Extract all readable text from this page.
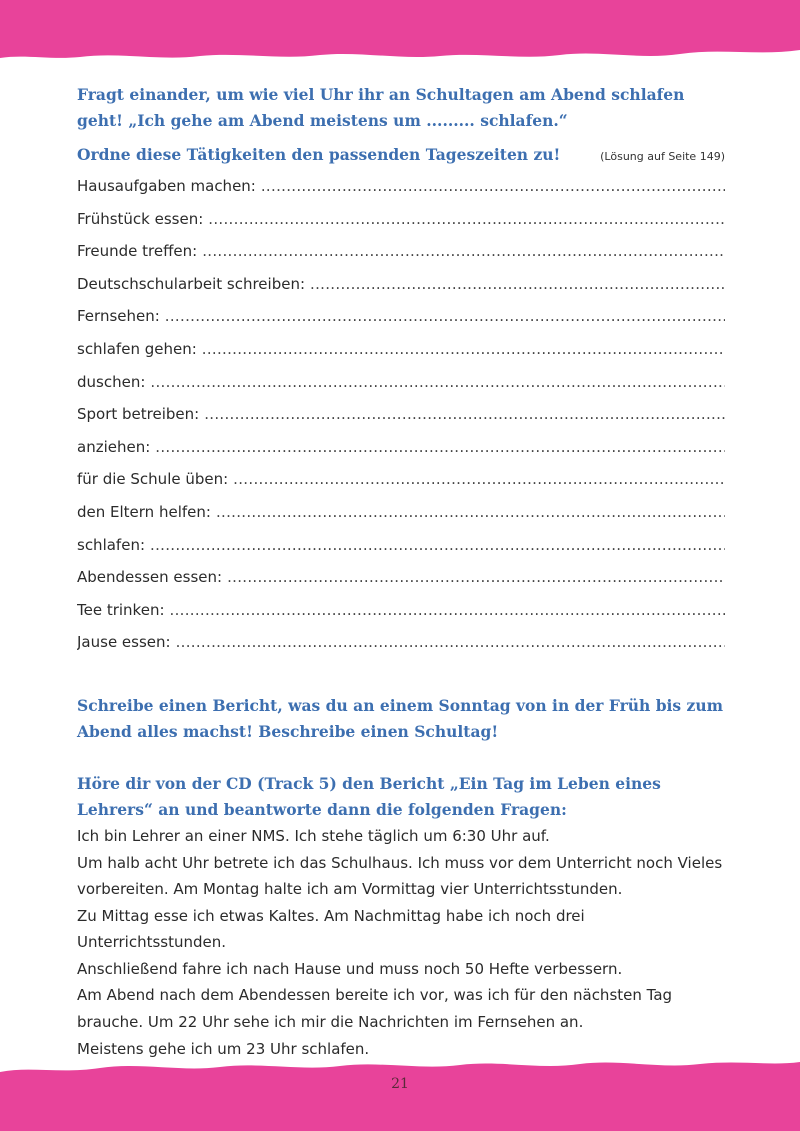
Fragt einander, um wie viel Uhr ihr an Schultagen am Abend schlafen geht! „Ich gehe am Abend meistens um ......... schlafen.“

Ordne diese Tätigkeiten den passenden Tageszeiten zu!	(Lösung auf Seite 149)
Hausaufgaben machen:
.....
Frühstück essen:
.....
Freunde treffen:
.....
Deutschschularbeit schreiben:
.....
Fernsehen:
.....
schlafen gehen:
.....
duschen:
.....
Sport betreiben:
.....
anziehen:
.....
für die Schule üben:
.....
den Eltern helfen:
.....
schlafen:
.....
Abendessen essen:
.....
Tee trinken:
.....
Jause essen:
.....

Schreibe einen Bericht, was du an einem Sonntag von in der Früh bis zum Abend alles machst! Beschreibe einen Schultag!

Höre dir von der CD (Track 5) den Bericht „Ein Tag im Leben eines Lehrers“ an und beantworte dann die folgenden Fragen:

Ich bin Lehrer an einer NMS. Ich stehe täglich um 6:30 Uhr auf.

Um halb acht Uhr betrete ich das Schulhaus. Ich muss vor dem Unterricht noch Vieles vorbereiten. Am Montag halte ich am Vormittag vier Unterrichtsstunden.

Zu Mittag esse ich etwas Kaltes. Am Nachmittag habe ich noch drei Unterrichtsstunden.

Anschließend fahre ich nach Hause und muss noch 50 Hefte verbessern.

Am Abend nach dem Abendessen bereite ich vor, was ich für den nächsten Tag brauche. Um 22 Uhr sehe ich mir die Nachrichten im Fernsehen an.

Meistens gehe ich um 23 Uhr schlafen.

21
